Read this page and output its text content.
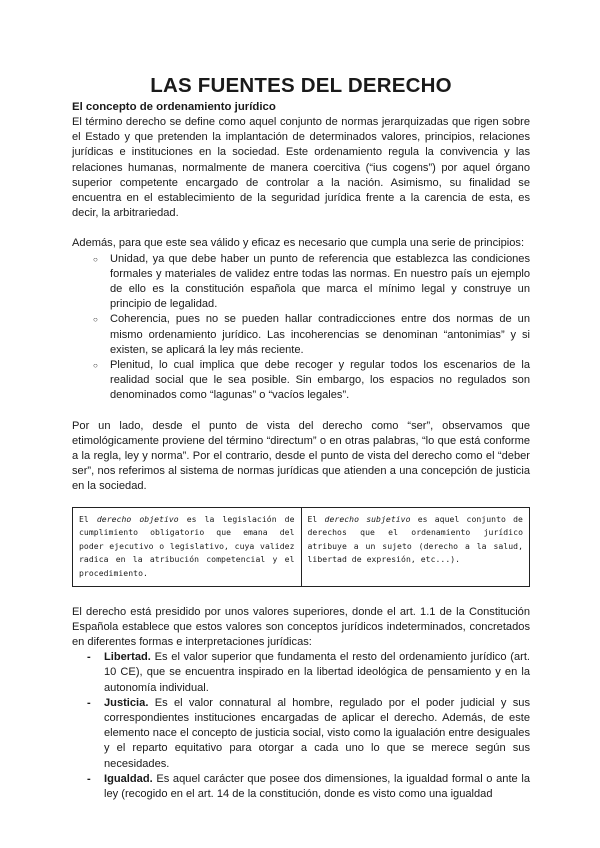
LAS FUENTES DEL DERECHO
El concepto de ordenamiento jurídico

El término derecho se define como aquel conjunto de normas jerarquizadas que rigen sobre el Estado y que pretenden la implantación de determinados valores, principios, relaciones jurídicas e instituciones en la sociedad. Este ordenamiento regula la convivencia y las relaciones humanas, normalmente de manera coercitiva (“ius cogens”) por aquel órgano superior competente encargado de controlar a la nación. Asimismo, su finalidad se encuentra en el establecimiento de la seguridad jurídica frente a la carencia de esta, es decir, la arbitrariedad.

Además, para que este sea válido y eficaz es necesario que cumpla una serie de principios:

○ Unidad, ya que debe haber un punto de referencia que establezca las condiciones formales y materiales de validez entre todas las normas. En nuestro país un ejemplo de ello es la constitución española que marca el mínimo legal y construye un principio de legalidad.
○ Coherencia, pues no se pueden hallar contradicciones entre dos normas de un mismo ordenamiento jurídico. Las incoherencias se denominan “antonimias” y si existen, se aplicará la ley más reciente.
○ Plenitud, lo cual implica que debe recoger y regular todos los escenarios de la realidad social que le sea posible. Sin embargo, los espacios no regulados son denominados como “lagunas” o “vacíos legales”.

Por un lado, desde el punto de vista del derecho como “ser”, observamos que etimológicamente proviene del término “directum” o en otras palabras, “lo que está conforme a la regla, ley y norma”. Por el contrario, desde el punto de vista del derecho como el “deber ser”, nos referimos al sistema de normas jurídicas que atienden a una concepción de justicia en la sociedad.

El derecho objetivo es la legislación de cumplimiento obligatorio que emana del poder ejecutivo o legislativo, cuya validez radica en la atribución competencial y el procedimiento.
El derecho subjetivo es aquel conjunto de derechos que el ordenamiento jurídico atribuye a un sujeto (derecho a la salud, libertad de expresión, etc...).

El derecho está presidido por unos valores superiores, donde el art. 1.1 de la Constitución Española establece que estos valores son conceptos jurídicos indeterminados, concretados en diferentes formas e interpretaciones jurídicas:

- Libertad. Es el valor superior que fundamenta el resto del ordenamiento jurídico (art. 10 CE), que se encuentra inspirado en la libertad ideológica de pensamiento y en la autonomía individual.
- Justicia. Es el valor connatural al hombre, regulado por el poder judicial y sus correspondientes instituciones encargadas de aplicar el derecho. Además, de este elemento nace el concepto de justicia social, visto como la igualación entre desiguales y el reparto equitativo para otorgar a cada uno lo que se merece según sus necesidades.
- Igualdad. Es aquel carácter que posee dos dimensiones, la igualdad formal o ante la ley (recogido en el art. 14 de la constitución, donde es visto como una igualdad
